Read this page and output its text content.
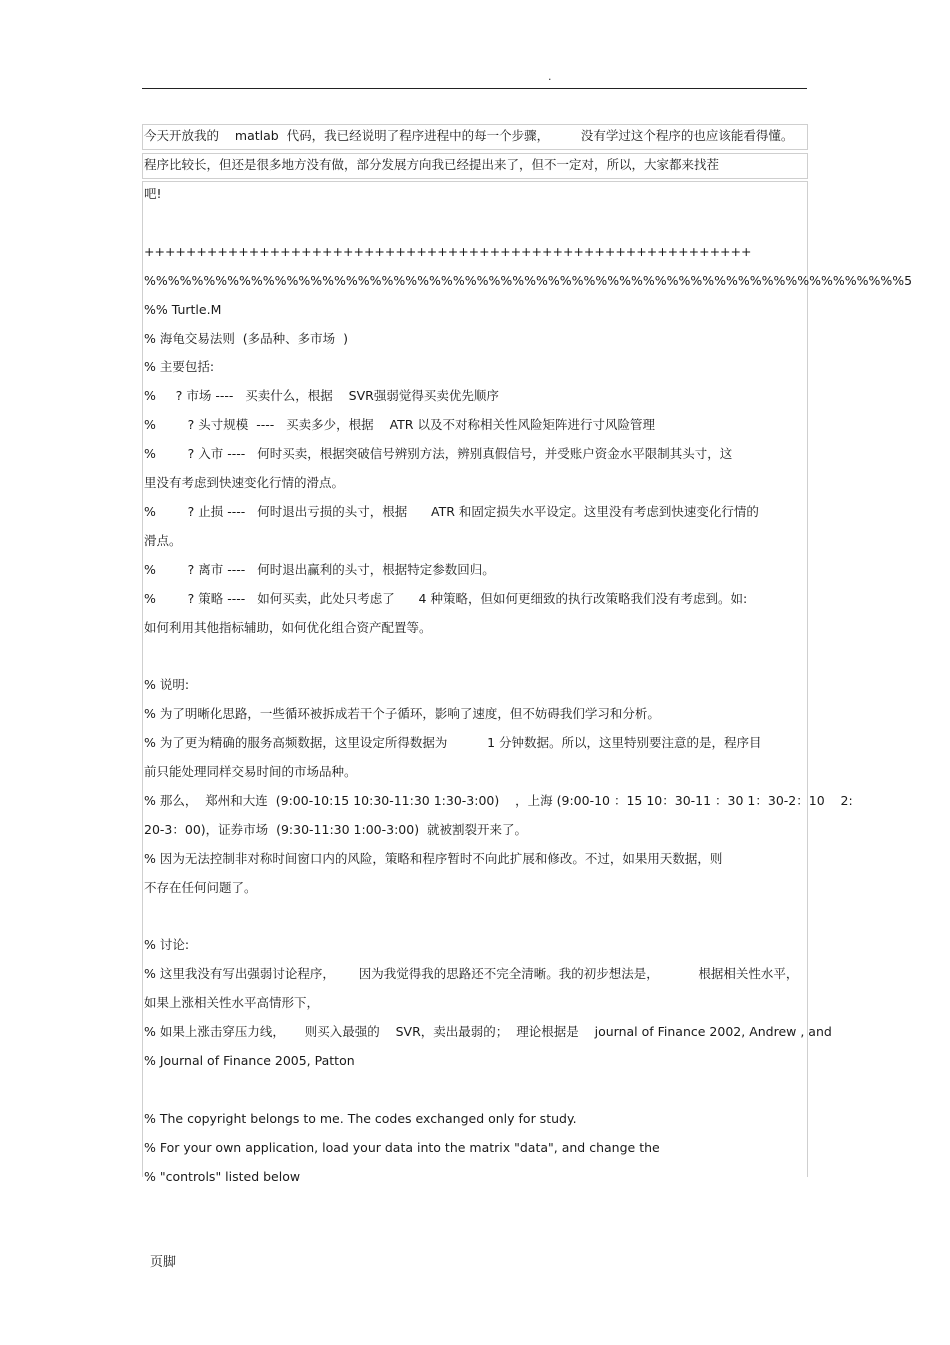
.
今天开放我的    matlab  代码，我已经说明了程序进程中的每一个步骤，        没有学过这个程序的也应该能看得懂。
程序比较长，但还是很多地方没有做，部分发展方向我已经提出来了，但不一定对，所以，大家都来找茬
吧!
++++++++++++++++++++++++++++++++++++++++++++++++++++++++++
%%%%%%%%%%%%%%%%%%%%%%%%%%%%%%%%%%%%%%%%%%%%%%%%%%%%%%%%%%%%%%%%5
%% Turtle.M
% 海龟交易法则  (多品种、多市场  )
% 主要包括:
%     ? 市场 ----   买卖什么，根据    SVR强弱觉得买卖优先顺序
%        ? 头寸规模  ----   买卖多少，根据    ATR 以及不对称相关性风险矩阵进行寸风险管理
%        ? 入市 ----   何时买卖，根据突破信号辨别方法，辨别真假信号，并受账户资金水平限制其头寸，这
里没有考虑到快速变化行情的滑点。
%        ? 止损 ----   何时退出亏损的头寸，根据      ATR 和固定损失水平设定。这里没有考虑到快速变化行情的
滑点。
%        ? 离市 ----   何时退出赢利的头寸，根据特定参数回归。
%        ? 策略 ----   如何买卖，此处只考虑了      4 种策略，但如何更细致的执行改策略我们没有考虑到。如:
如何利用其他指标辅助，如何优化组合资产配置等。
% 说明:
% 为了明晰化思路，一些循环被拆成若干个子循环，影响了速度，但不妨碍我们学习和分析。
% 为了更为精确的服务高频数据，这里设定所得数据为          1 分钟数据。所以，这里特别要注意的是，程序目
前只能处理同样交易时间的市场品种。
% 那么，  郑州和大连  (9:00-10:15 10:30-11:30 1:30-3:00)    ，上海 (9:00-10 ：15 10：30-11 ：30 1：30-2：10    2:
20-3：00)，证券市场  (9:30-11:30 1:00-3:00)  就被割裂开来了。
% 因为无法控制非对称时间窗口内的风险，策略和程序暂时不向此扩展和修改。不过，如果用天数据，则
不存在任何问题了。
% 讨论:
% 这里我没有写出强弱讨论程序，      因为我觉得我的思路还不完全清晰。我的初步想法是，          根据相关性水平，
如果上涨相关性水平高情形下，
% 如果上涨击穿压力线，     则买入最强的    SVR，卖出最弱的；  理论根据是    journal of Finance 2002, Andrew , and
% Journal of Finance 2005, Patton
% The copyright belongs to me. The codes exchanged only for study.
% For your own application, load your data into the matrix "data", and change the
% "controls" listed below
页脚
